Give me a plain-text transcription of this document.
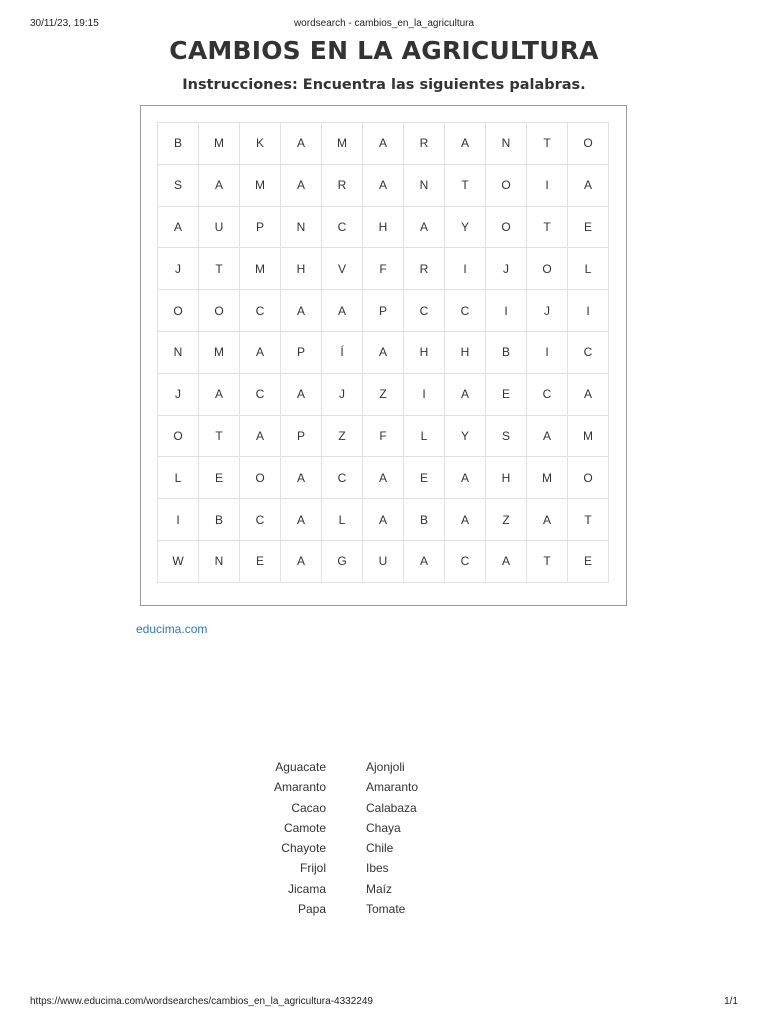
30/11/23, 19:15	wordsearch - cambios_en_la_agricultura
CAMBIOS EN LA AGRICULTURA
Instrucciones: Encuentra las siguientes palabras.
B	M	K	A	M	A	R	A	N	T	O
S	A	M	A	R	A	N	T	O	I	A
A	U	P	N	C	H	A	Y	O	T	E
J	T	M	H	V	F	R	I	J	O	L
O	O	C	A	A	P	C	C	I	J	I
N	M	A	P	Í	A	H	H	B	I	C
J	A	C	A	J	Z	I	A	E	C	A
O	T	A	P	Z	F	L	Y	S	A	M
L	E	O	A	C	A	E	A	H	M	O
I	B	C	A	L	A	B	A	Z	A	T
W	N	E	A	G	U	A	C	A	T	E
educima.com
Aguacate
Amaranto
Cacao
Camote
Chayote
Frijol
Jicama
Papa
Ajonjoli
Amaranto
Calabaza
Chaya
Chile
Ibes
Maíz
Tomate
https://www.educima.com/wordsearches/cambios_en_la_agricultura-4332249	1/1
